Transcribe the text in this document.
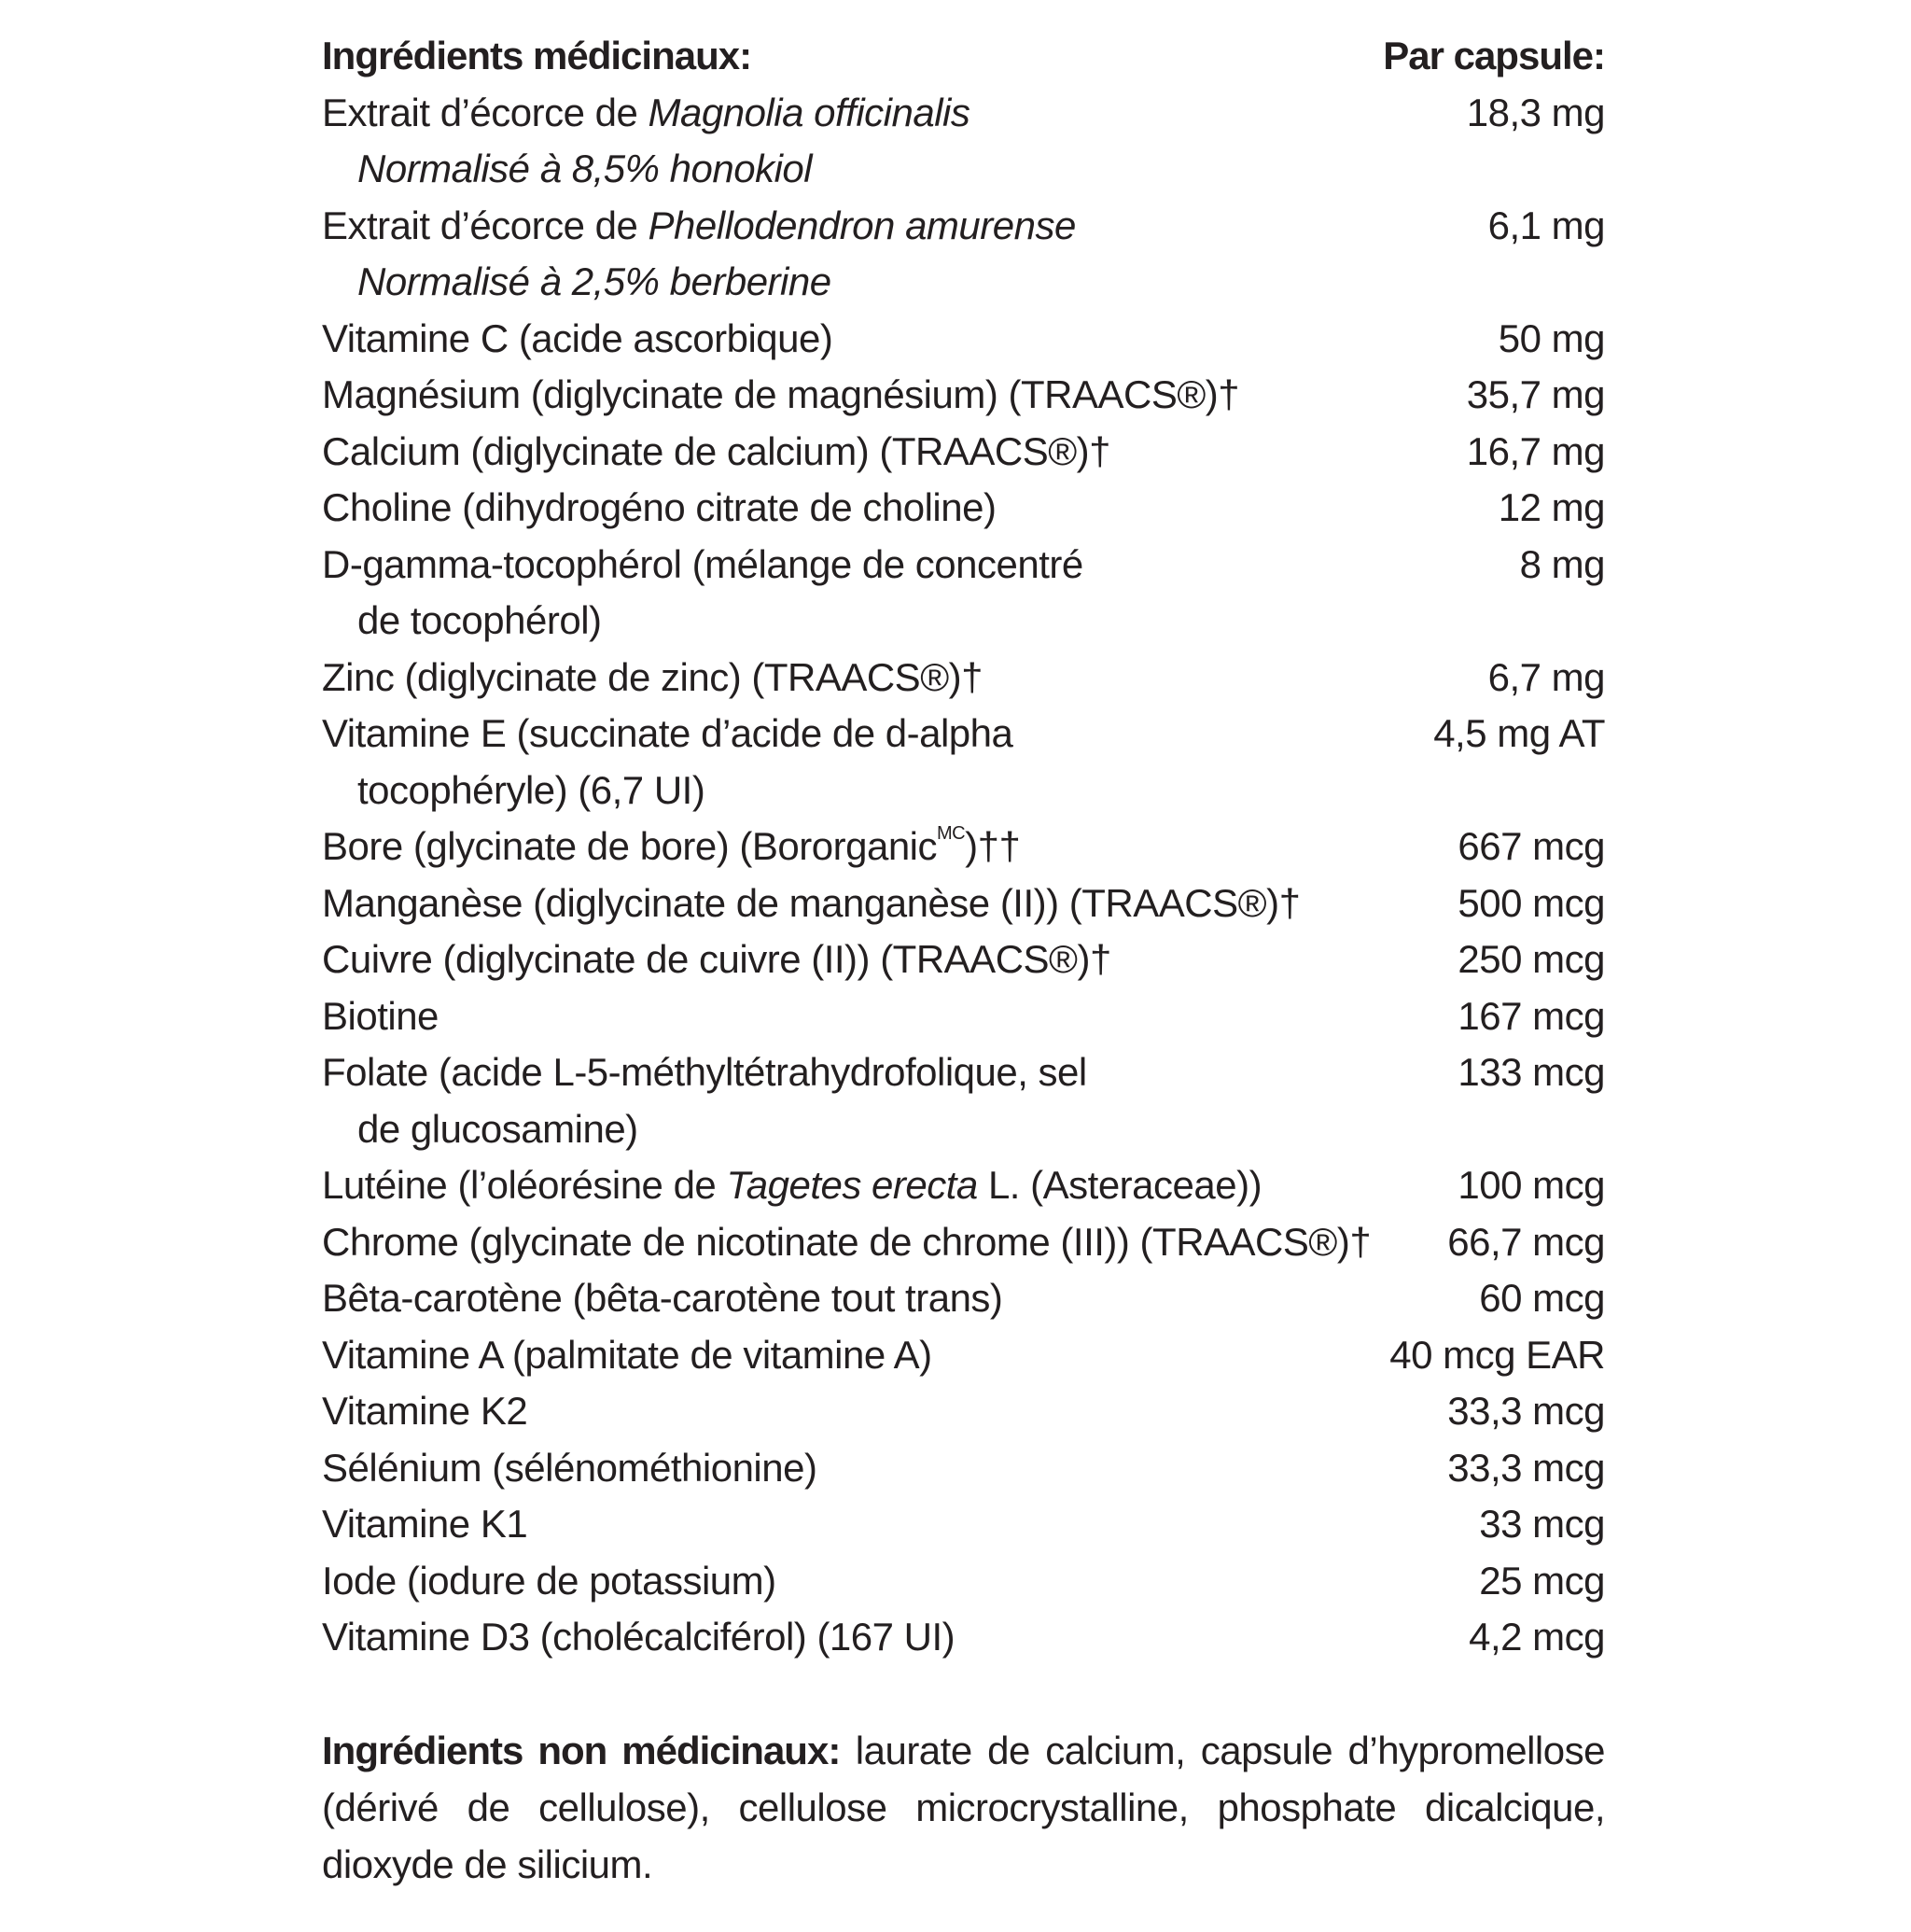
Ingrédients médicinaux:	Par capsule:
Extrait d’écorce de Magnolia officinalis	18,3 mg
Normalisé à 8,5% honokiol
Extrait d’écorce de Phellodendron amurense	6,1 mg
Normalisé à 2,5% berberine
Vitamine C (acide ascorbique)	50 mg
Magnésium (diglycinate de magnésium) (TRAACS®)†	35,7 mg
Calcium (diglycinate de calcium) (TRAACS®)†	16,7 mg
Choline (dihydrogéno citrate de choline)	12 mg
D-gamma-tocophérol (mélange de concentré	8 mg
de tocophérol)
Zinc (diglycinate de zinc) (TRAACS®)†	6,7 mg
Vitamine E (succinate d’acide de d-alpha	4,5 mg AT
tocophéryle) (6,7 UI)
Bore (glycinate de bore) (Bororganic$^{MC}$)††	667 mcg
Manganèse (diglycinate de manganèse (II)) (TRAACS®)†	500 mcg
Cuivre (diglycinate de cuivre (II)) (TRAACS®)†	250 mcg
Biotine	167 mcg
Folate (acide L-5-méthyltétrahydrofolique, sel	133 mcg
de glucosamine)
Lutéine (l’oléorésine de Tagetes erecta L. (Asteraceae))	100 mcg
Chrome (glycinate de nicotinate de chrome (III)) (TRAACS®)†	66,7 mcg
Bêta-carotène (bêta-carotène tout trans)	60 mcg
Vitamine A (palmitate de vitamine A)	40 mcg EAR
Vitamine K2	33,3 mcg
Sélénium (sélénométhionine)	33,3 mcg
Vitamine K1	33 mcg
Iode (iodure de potassium)	25 mcg
Vitamine D3 (cholécalciférol) (167 UI)	4,2 mcg

Ingrédients non médicinaux: laurate de calcium, capsule d’hypromellose (dérivé de cellulose), cellulose microcrystalline, phosphate dicalcique, dioxyde de silicium.
